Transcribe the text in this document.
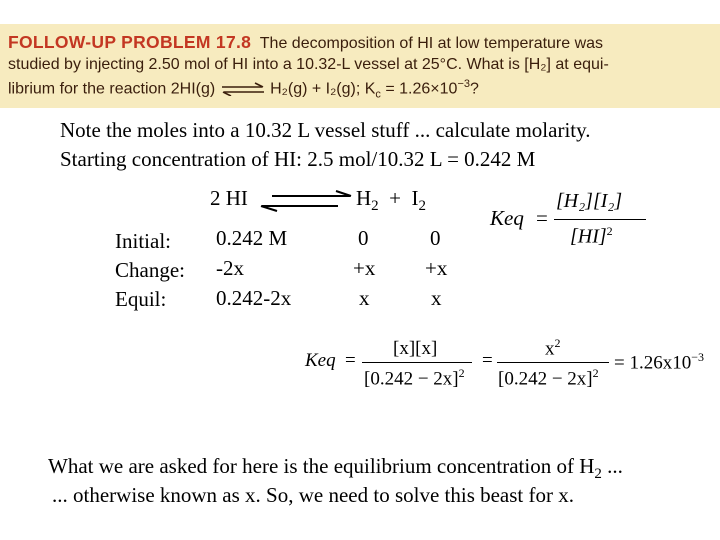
FOLLOW-UP PROBLEM 17.8 The decomposition of HI at low temperature was
studied by injecting 2.50 mol of HI into a 10.32-L vessel at 25°C. What is [H₂] at equi-
librium for the reaction 2HI(g) ⇌ H₂(g) + I₂(g); $K_c = 1.26\times 10^{-3}$?
Note the moles into a 10.32 L vessel stuff ... calculate molarity.
Starting concentration of HI: 2.5 mol/10.32 L = 0.242 M
2 HI	$H_2 + I_2$
Initial:
Change:
Equil:
0.242 M
-2x
0.242-2x
0
+x
x
0
+x
x
Keq =
[H₂][I₂]
[HI]$^2$
Keq =
[x][x]
$[0.242 - 2x]^2$
=
$x^2$
$[0.242 - 2x]^2 = 1.26x10^{-3}$
What we are asked for here is the equilibrium concentration of $H_2$ ...
... otherwise known as x. So, we need to solve this beast for x.
